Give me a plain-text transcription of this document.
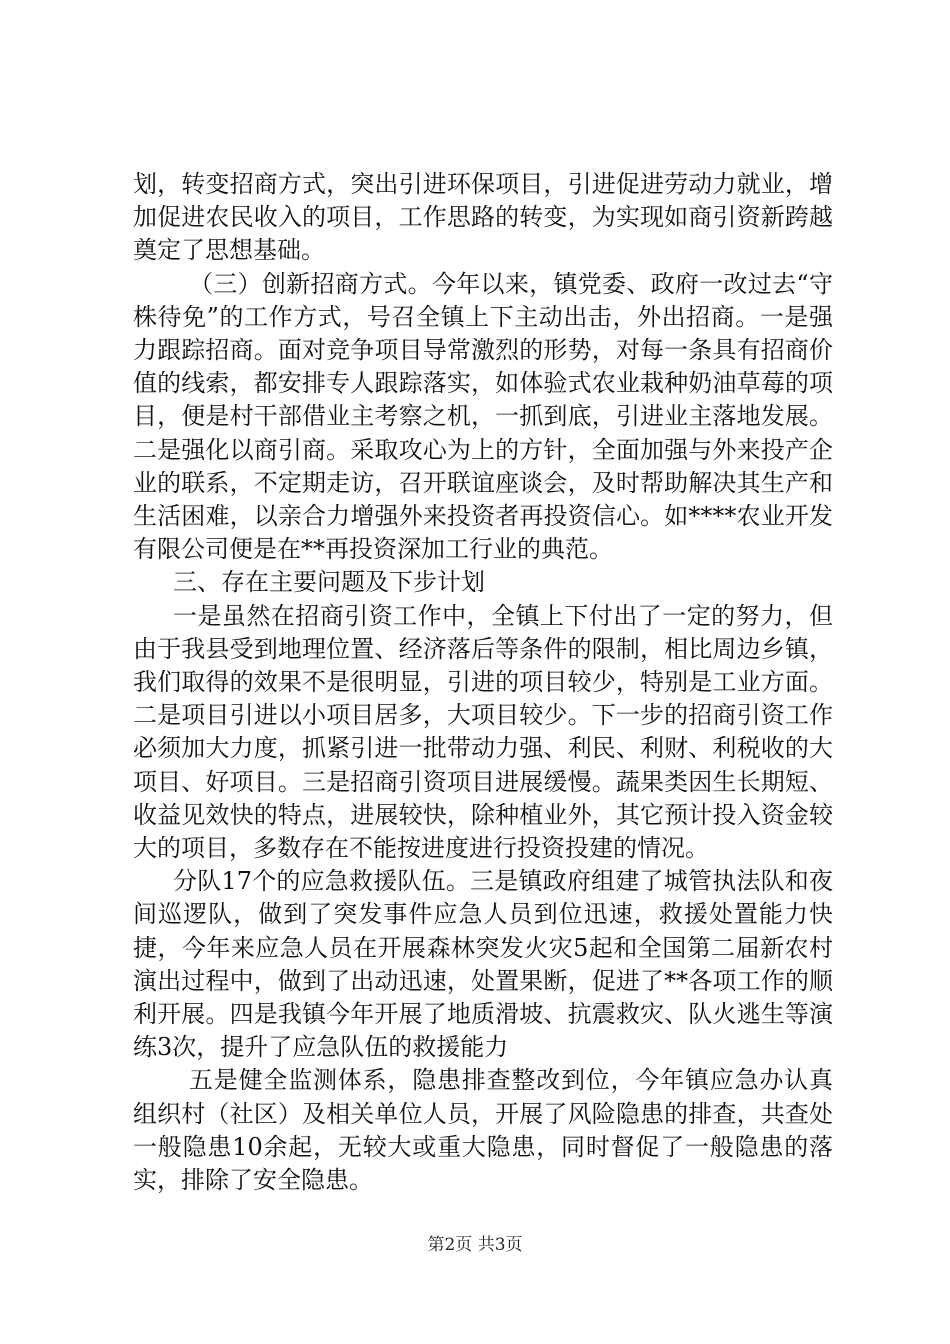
划，转变招商方式，突出引进环保项目，引进促进劳动力就业，增加促进农民收入的项目，工作思路的转变，为实现如商引资新跨越奠定了思想基础。

（三）创新招商方式。今年以来，镇党委、政府一改过去“守株待免”的工作方式，号召全镇上下主动出击，外出招商。一是强力跟踪招商。面对竞争项目导常激烈的形势，对每一条具有招商价值的线索，都安排专人跟踪落实，如体验式农业栽种奶油草莓的项目，便是村干部借业主考察之机，一抓到底，引进业主落地发展。二是强化以商引商。采取攻心为上的方针，全面加强与外来投产企业的联系，不定期走访，召开联谊座谈会，及时帮助解决其生产和生活困难，以亲合力增强外来投资者再投资信心。如****农业开发有限公司便是在**再投资深加工行业的典范。

三、存在主要问题及下步计划

一是虽然在招商引资工作中，全镇上下付出了一定的努力，但由于我县受到地理位置、经济落后等条件的限制，相比周边乡镇，我们取得的效果不是很明显，引进的项目较少，特别是工业方面。二是项目引进以小项目居多，大项目较少。下一步的招商引资工作必须加大力度，抓紧引进一批带动力强、利民、利财、利税收的大项目、好项目。三是招商引资项目进展缓慢。蔬果类因生长期短、收益见效快的特点，进展较快，除种植业外，其它预计投入资金较大的项目，多数存在不能按进度进行投资投建的情况。

分队17个的应急救援队伍。三是镇政府组建了城管执法队和夜间巡逻队，做到了突发事件应急人员到位迅速，救援处置能力快捷，今年来应急人员在开展森林突发火灾5起和全国第二届新农村演出过程中，做到了出动迅速，处置果断，促进了**各项工作的顺利开展。四是我镇今年开展了地质滑坡、抗震救灾、队火逃生等演练3次，提升了应急队伍的救援能力

五是健全监测体系，隐患排查整改到位，今年镇应急办认真组织村（社区）及相关单位人员，开展了风险隐患的排查，共查处一般隐患10余起，无较大或重大隐患，同时督促了一般隐患的落实，排除了安全隐患。

第2页 共3页
